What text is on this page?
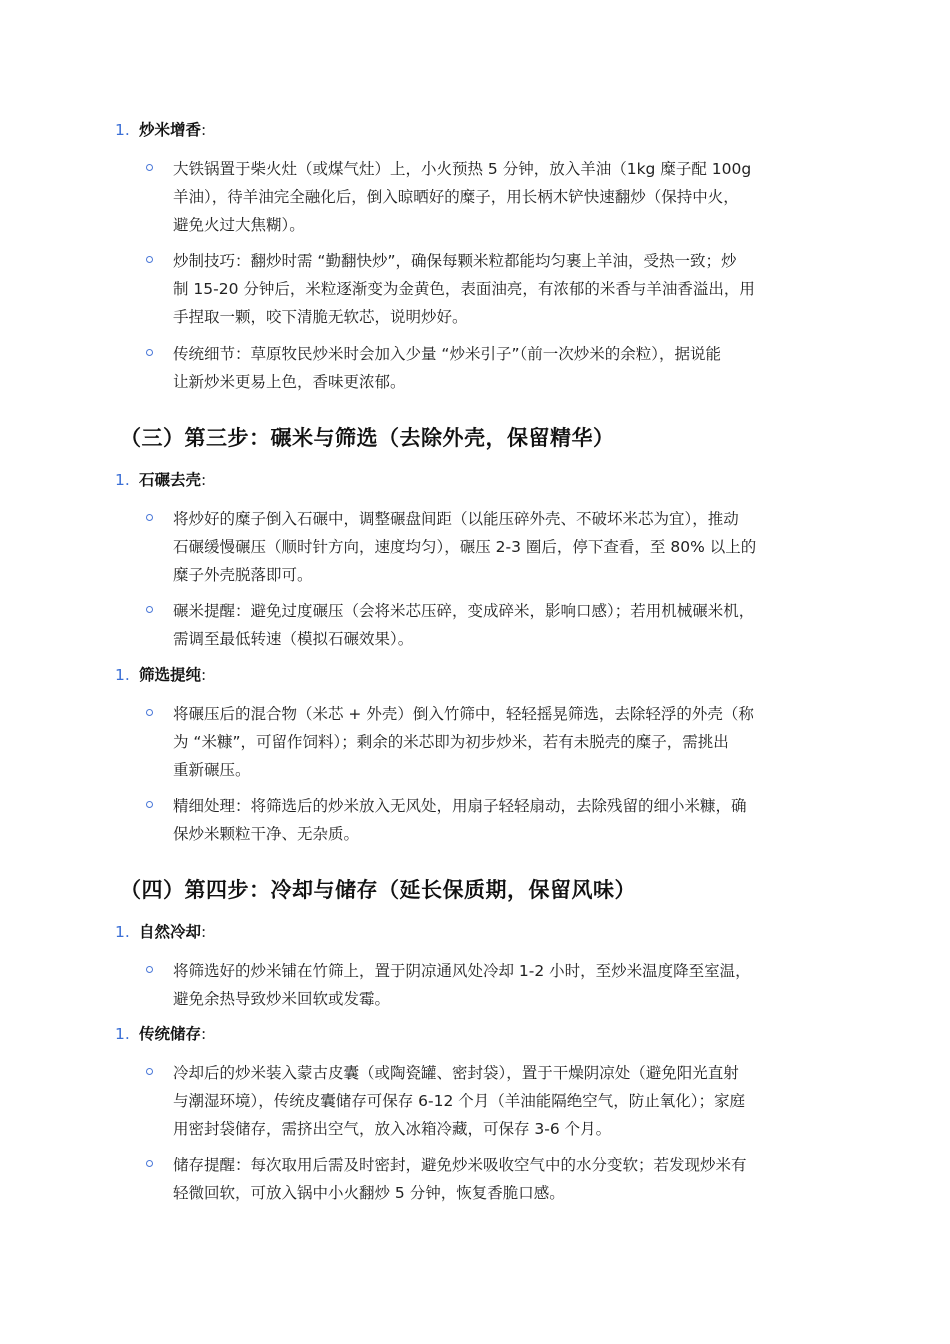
1. 炒米增香:

大铁锅置于柴火灶（或煤气灶）上，小火预热 5 分钟，放入羊油（1kg 糜子配 100g
羊油），待羊油完全融化后，倒入晾晒好的糜子，用长柄木铲快速翻炒（保持中火，
避免火过大焦糊）。

炒制技巧：翻炒时需 “勤翻快炒”，确保每颗米粒都能均匀裹上羊油，受热一致；炒
制 15-20 分钟后，米粒逐渐变为金黄色，表面油亮，有浓郁的米香与羊油香溢出，用
手捏取一颗，咬下清脆无软芯，说明炒好。

传统细节：草原牧民炒米时会加入少量 “炒米引子”（前一次炒米的余粒），据说能
让新炒米更易上色，香味更浓郁。

（三）第三步：碾米与筛选（去除外壳，保留精华）
1. 石碾去壳:

将炒好的糜子倒入石碾中，调整碾盘间距（以能压碎外壳、不破坏米芯为宜），推动
石碾缓慢碾压（顺时针方向，速度均匀），碾压 2-3 圈后，停下查看，至 80% 以上的
糜子外壳脱落即可。

碾米提醒：避免过度碾压（会将米芯压碎，变成碎米，影响口感）；若用机械碾米机，
需调至最低转速（模拟石碾效果）。

1. 筛选提纯:

将碾压后的混合物（米芯 + 外壳）倒入竹筛中，轻轻摇晃筛选，去除轻浮的外壳（称
为 “米糠”，可留作饲料）；剩余的米芯即为初步炒米，若有未脱壳的糜子，需挑出
重新碾压。

精细处理：将筛选后的炒米放入无风处，用扇子轻轻扇动，去除残留的细小米糠，确
保炒米颗粒干净、无杂质。

（四）第四步：冷却与储存（延长保质期，保留风味）
1. 自然冷却:

将筛选好的炒米铺在竹筛上，置于阴凉通风处冷却 1-2 小时，至炒米温度降至室温，
避免余热导致炒米回软或发霉。

1. 传统储存:

冷却后的炒米装入蒙古皮囊（或陶瓷罐、密封袋），置于干燥阴凉处（避免阳光直射
与潮湿环境），传统皮囊储存可保存 6-12 个月（羊油能隔绝空气，防止氧化）；家庭
用密封袋储存，需挤出空气，放入冰箱冷藏，可保存 3-6 个月。

储存提醒：每次取用后需及时密封，避免炒米吸收空气中的水分变软；若发现炒米有
轻微回软，可放入锅中小火翻炒 5 分钟，恢复香脆口感。
